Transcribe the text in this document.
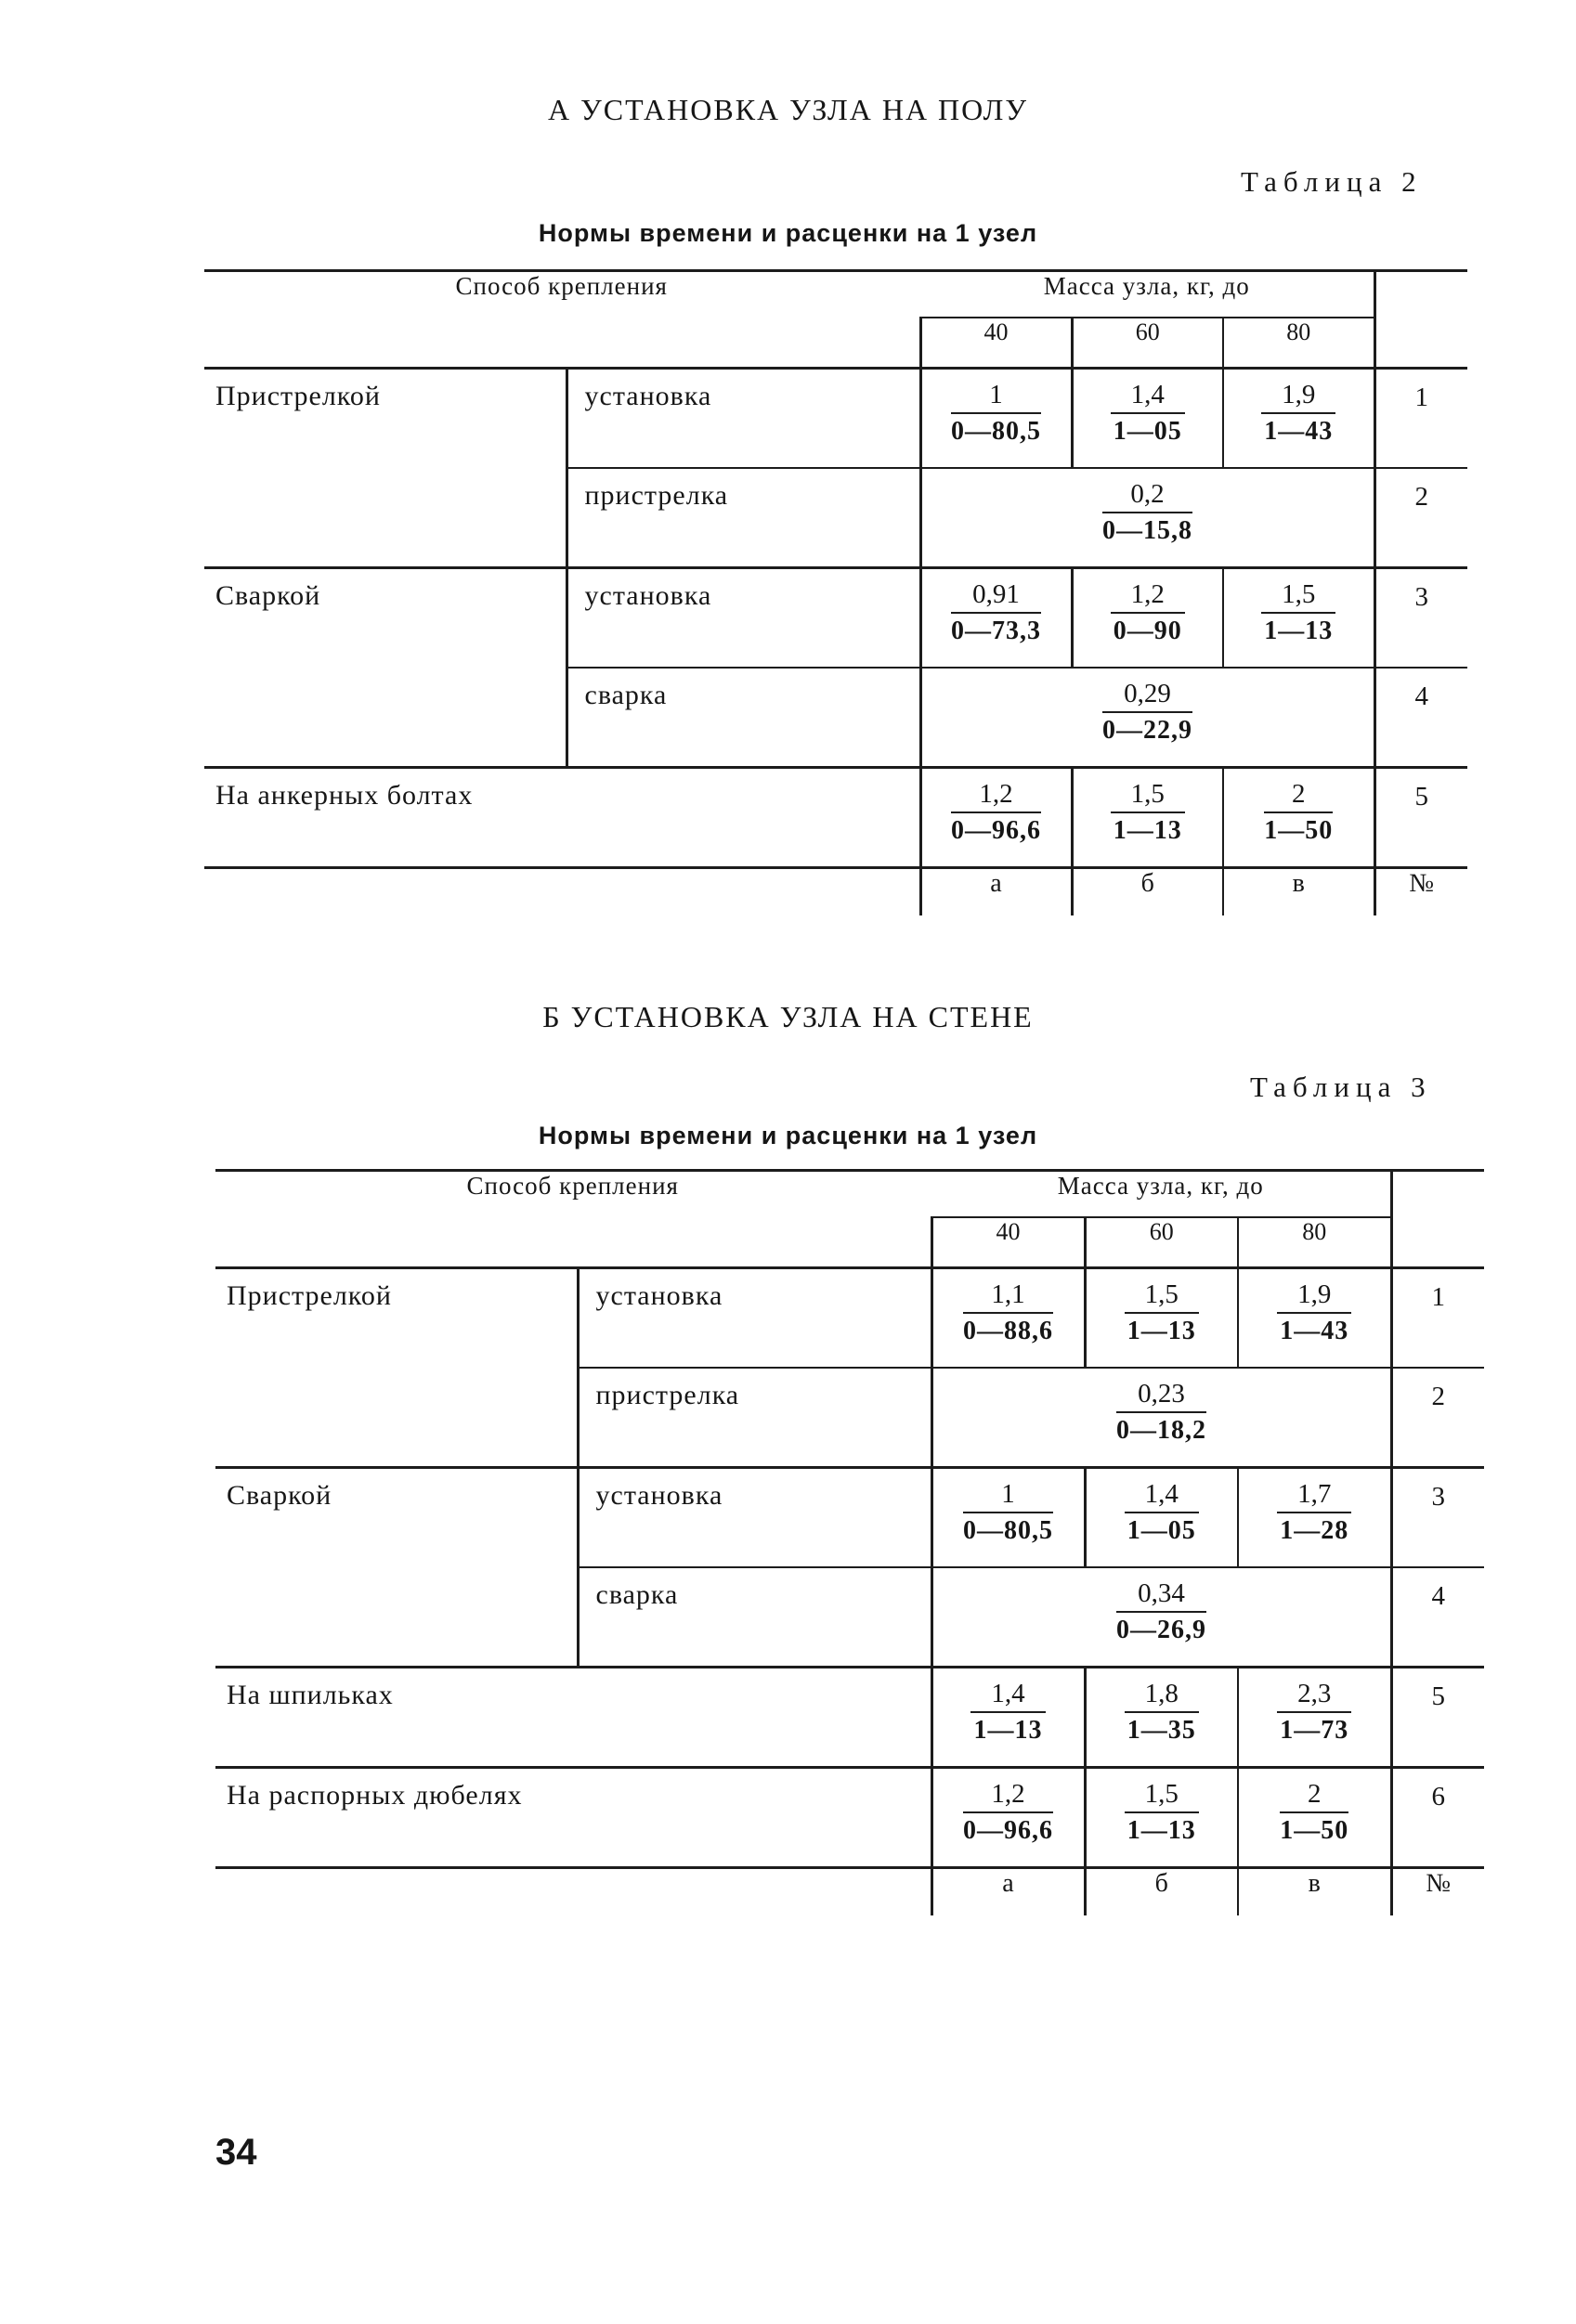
А УСТАНОВКА УЗЛА НА ПОЛУ
Таблица 2
Нормы времени и расценки на 1 узел
Способ крепления		Масса узла, кг, до			
		40	60	80	
Пристрелкой	установка	$\frac{1}{0—80,5}$	$\frac{1,4}{1—05}$	$\frac{1,9}{1—43}$	1
	пристрелка	$\frac{0,2}{0—15,8}$			2
Сваркой	установка	$\frac{0,91}{0—73,3}$	$\frac{1,2}{0—90}$	$\frac{1,5}{1—13}$	3
	сварка	$\frac{0,29}{0—22,9}$			4
На анкерных болтах		$\frac{1,2}{0—96,6}$	$\frac{1,5}{1—13}$	$\frac{2}{1—50}$	5
		а	б	в	№
Б УСТАНОВКА УЗЛА НА СТЕНЕ
Таблица 3
Нормы времени и расценки на 1 узел
Способ крепления		Масса узла, кг, до			
		40	60	80	
Пристрелкой	установка	$\frac{1,1}{0—88,6}$	$\frac{1,5}{1—13}$	$\frac{1,9}{1—43}$	1
	пристрелка	$\frac{0,23}{0—18,2}$			2
Сваркой	установка	$\frac{1}{0—80,5}$	$\frac{1,4}{1—05}$	$\frac{1,7}{1—28}$	3
	сварка	$\frac{0,34}{0—26,9}$			4
На шпильках		$\frac{1,4}{1—13}$	$\frac{1,8}{1—35}$	$\frac{2,3}{1—73}$	5
На распорных дюбелях		$\frac{1,2}{0—96,6}$	$\frac{1,5}{1—13}$	$\frac{2}{1—50}$	6
		а	б	в	№
34
